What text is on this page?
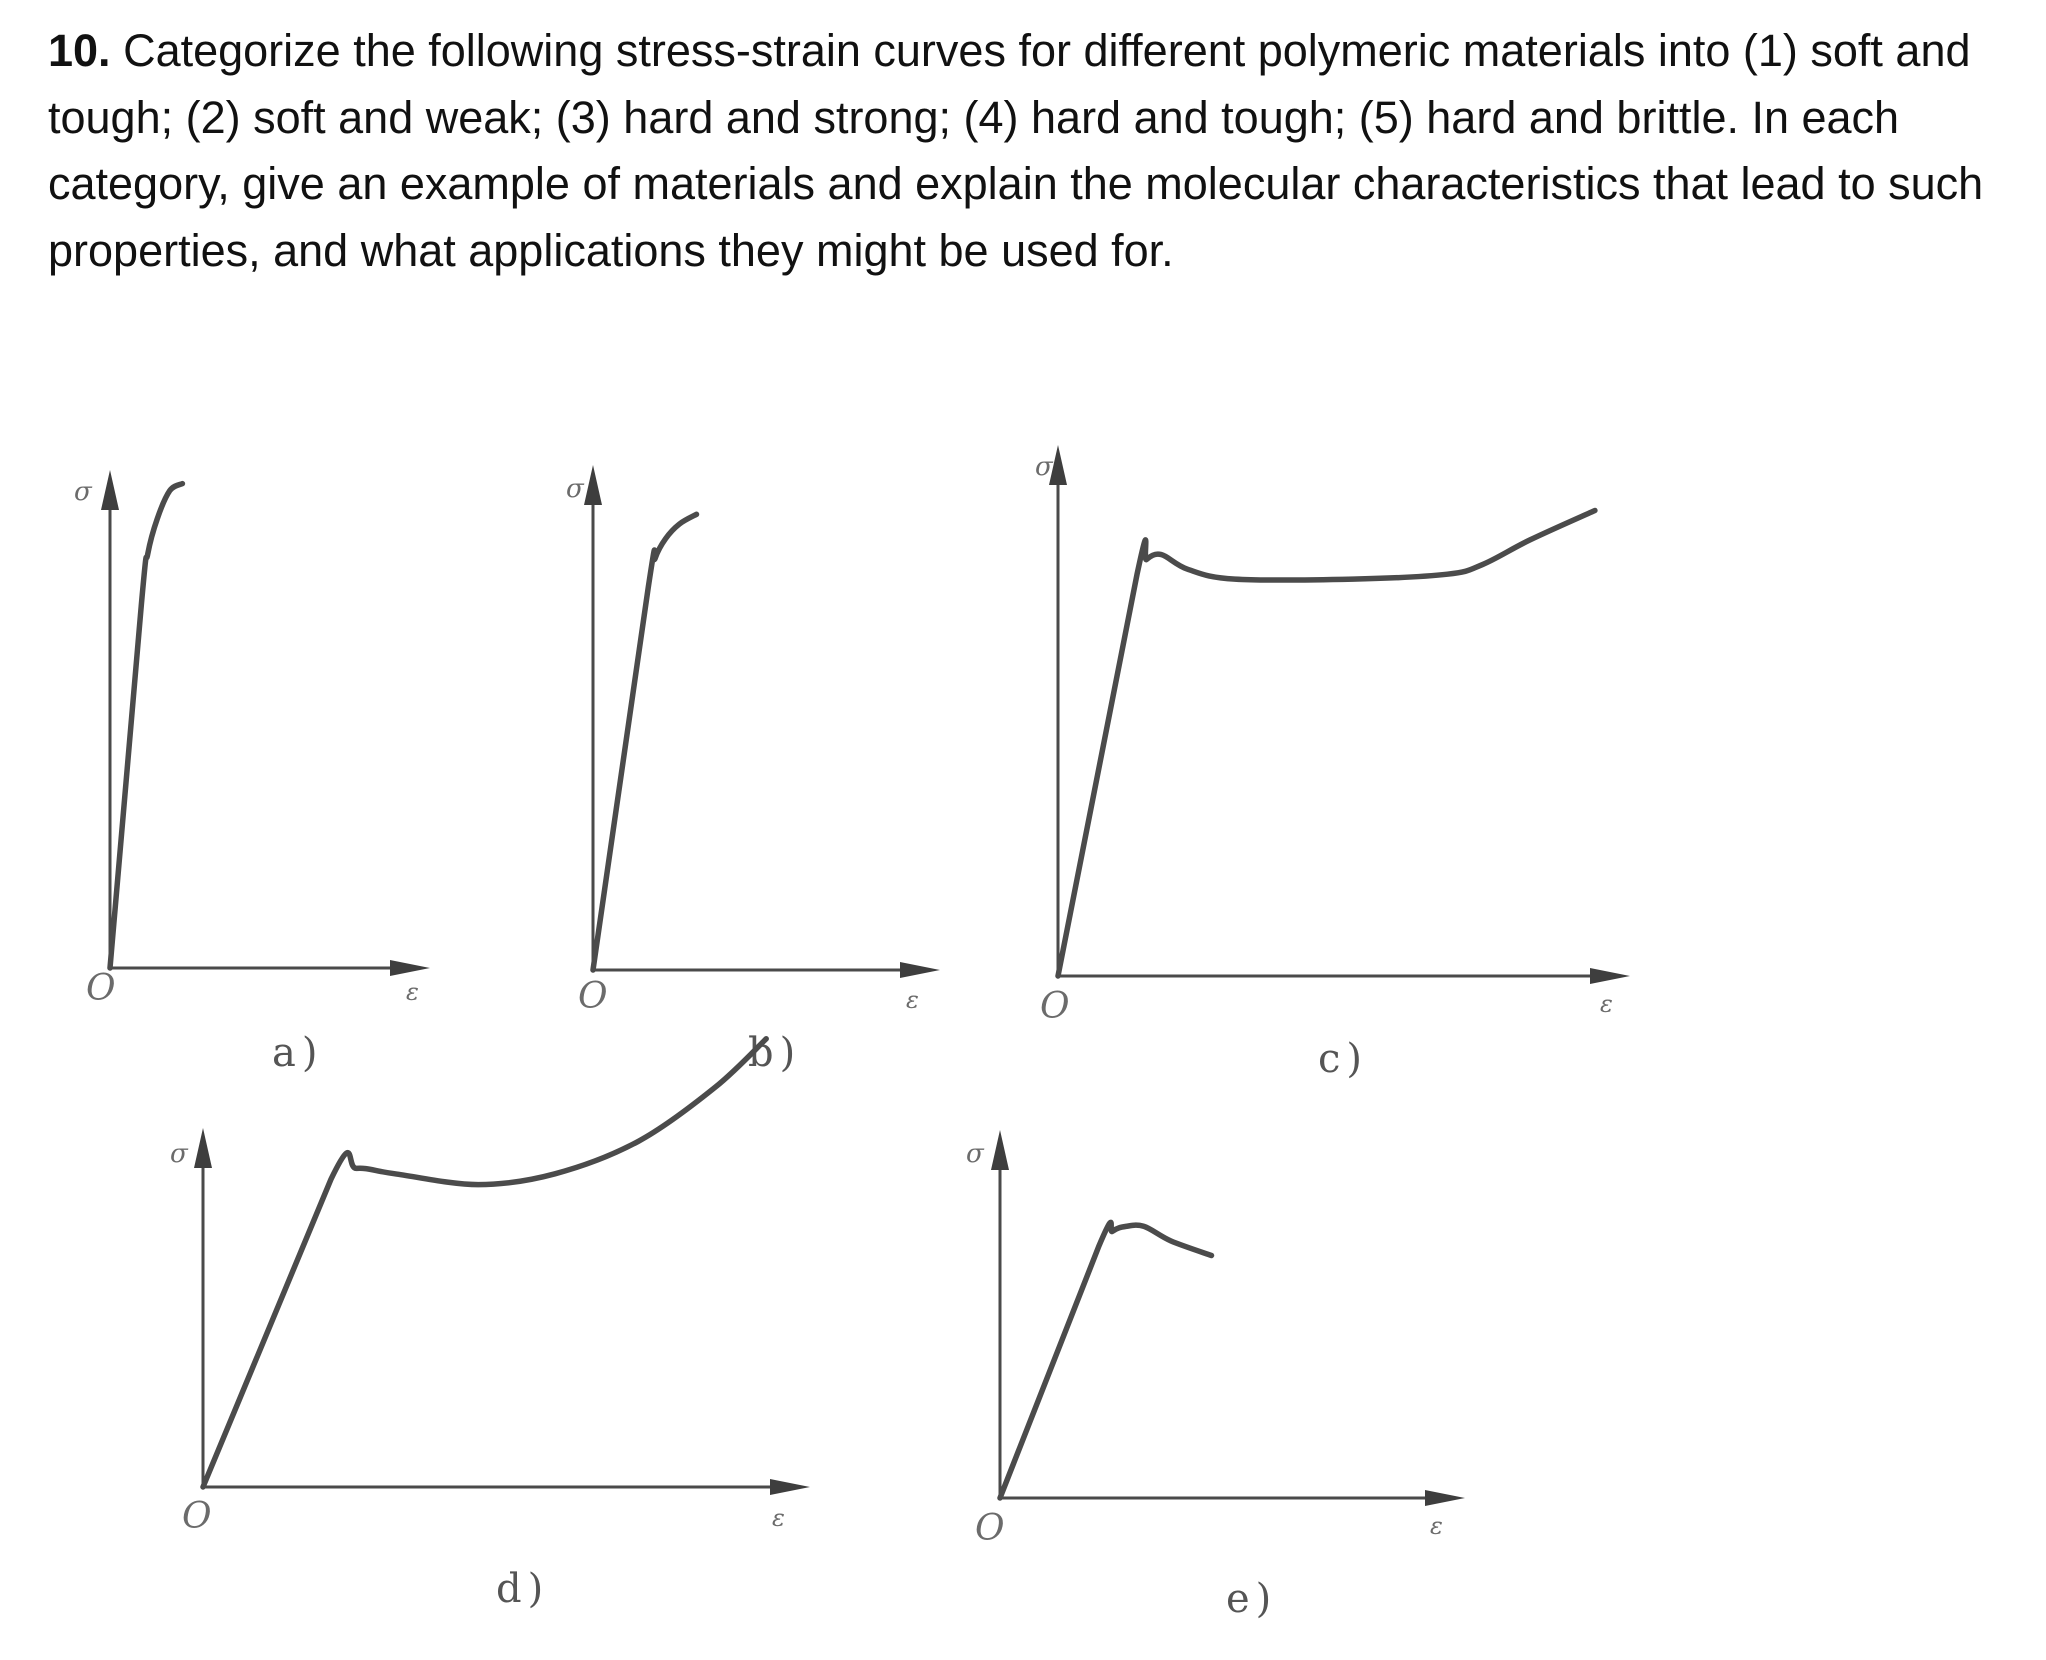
10. Categorize the following stress-strain curves for different polymeric materials into (1) soft and tough; (2) soft and weak; (3) hard and strong; (4) hard and tough; (5) hard and brittle. In each category, give an example of materials and explain the molecular characteristics that lead to such properties, and what applications they might be used for.

σ
ε
O
a)
σ
ε
O
b)
σ
ε
O
c)
σ
ε
O
d)
σ
ε
O
e)
